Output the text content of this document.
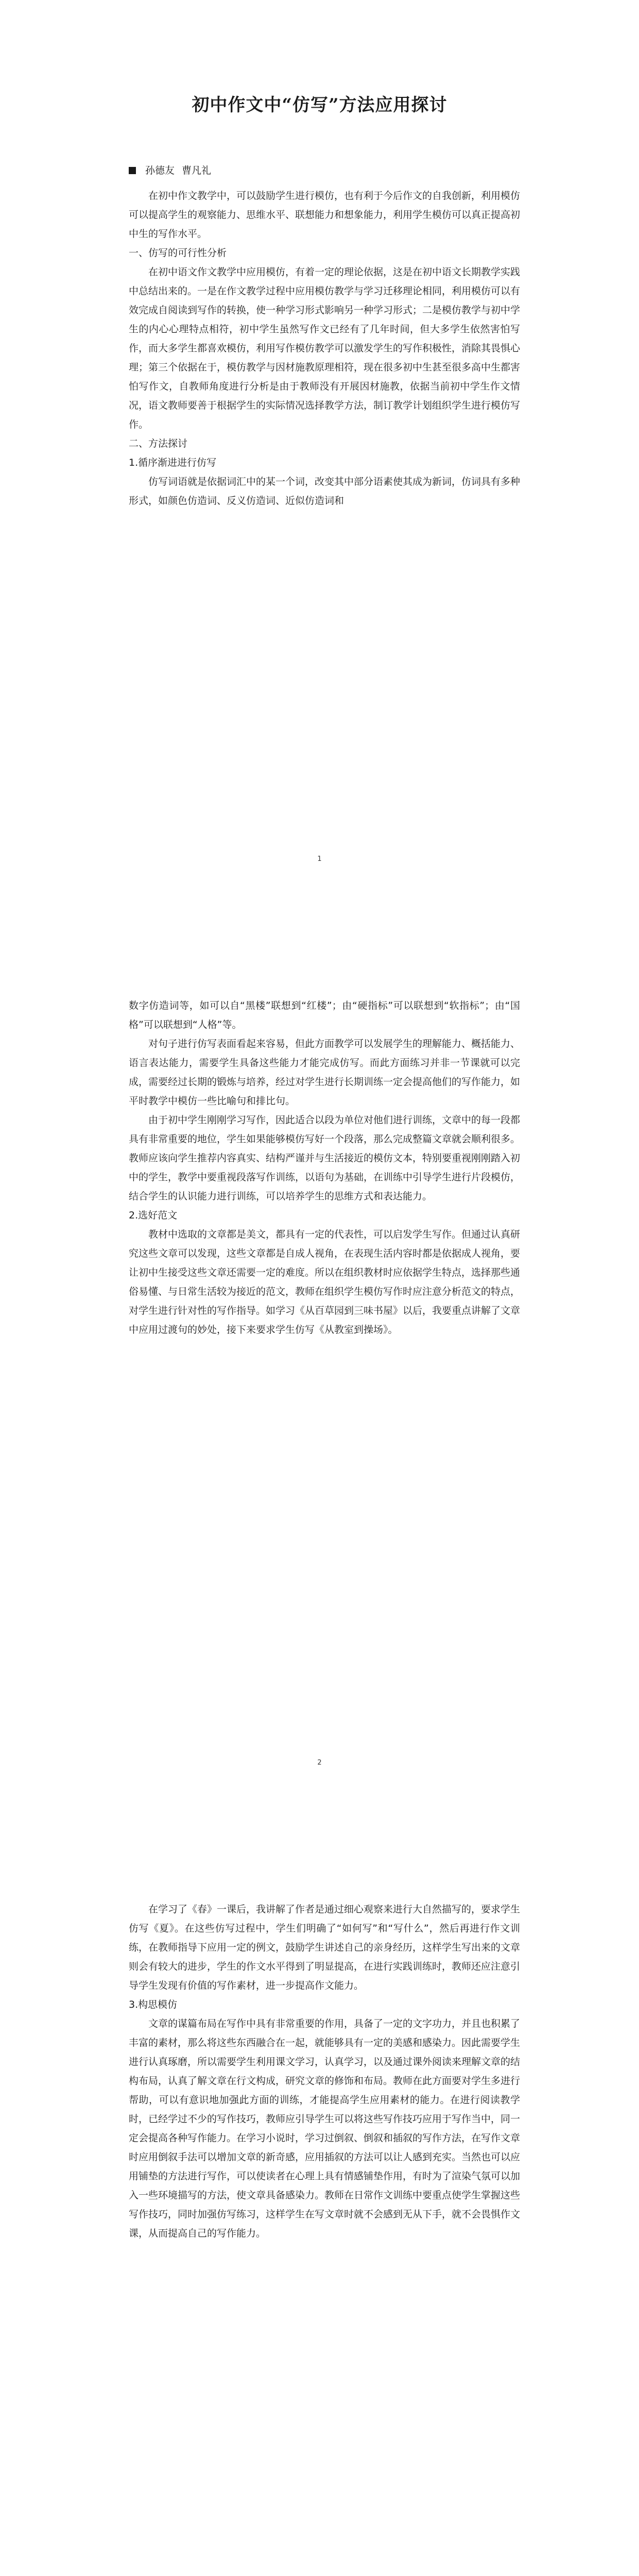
初中作文中“仿写”方法应用探讨

孙德友 曹凡礼

在初中作文教学中，可以鼓励学生进行模仿，也有利于今后作文的自我创新，利用模仿可以提高学生的观察能力、思维水平、联想能力和想象能力，利用学生模仿可以真正提高初中生的写作水平。

一、仿写的可行性分析

在初中语文作文教学中应用模仿，有着一定的理论依据，这是在初中语文长期教学实践中总结出来的。一是在作文教学过程中应用模仿教学与学习迁移理论相同，利用模仿可以有效完成自阅读到写作的转换，使一种学习形式影响另一种学习形式；二是模仿教学与初中学生的内心心理特点相符，初中学生虽然写作文已经有了几年时间，但大多学生依然害怕写作，而大多学生都喜欢模仿，利用写作模仿教学可以激发学生的写作积极性，消除其畏惧心理；第三个依据在于，模仿教学与因材施教原理相符，现在很多初中生甚至很多高中生都害怕写作文，自教师角度进行分析是由于教师没有开展因材施教，依据当前初中学生作文情况，语文教师要善于根据学生的实际情况选择教学方法，制订教学计划组织学生进行模仿写作。

二、方法探讨

1.循序渐进进行仿写

仿写词语就是依据词汇中的某一个词，改变其中部分语素使其成为新词，仿词具有多种形式，如颜色仿造词、反义仿造词、近似仿造词和

1

数字仿造词等，如可以自“黑楼”联想到“红楼”；由“硬指标”可以联想到“软指标”；由“国格”可以联想到“人格”等。

对句子进行仿写表面看起来容易，但此方面教学可以发展学生的理解能力、概括能力、语言表达能力，需要学生具备这些能力才能完成仿写。而此方面练习并非一节课就可以完成，需要经过长期的锻炼与培养，经过对学生进行长期训练一定会提高他们的写作能力，如平时教学中模仿一些比喻句和排比句。

由于初中学生刚刚学习写作，因此适合以段为单位对他们进行训练，文章中的每一段都具有非常重要的地位，学生如果能够模仿写好一个段落，那么完成整篇文章就会顺利很多。教师应该向学生推荐内容真实、结构严谨并与生活接近的模仿文本，特别要重视刚刚踏入初中的学生，教学中要重视段落写作训练，以语句为基础，在训练中引导学生进行片段模仿，结合学生的认识能力进行训练，可以培养学生的思维方式和表达能力。

2.选好范文

教材中选取的文章都是美文，都具有一定的代表性，可以启发学生写作。但通过认真研究这些文章可以发现，这些文章都是自成人视角，在表现生活内容时都是依据成人视角，要让初中生接受这些文章还需要一定的难度。所以在组织教材时应依据学生特点，选择那些通俗易懂、与日常生活较为接近的范文，教师在组织学生模仿写作时应注意分析范文的特点，对学生进行针对性的写作指导。如学习《从百草园到三味书屋》以后，我要重点讲解了文章中应用过渡句的妙处，接下来要求学生仿写《从教室到操场》。

2

在学习了《春》一课后，我讲解了作者是通过细心观察来进行大自然描写的，要求学生仿写《夏》。在这些仿写过程中，学生们明确了“如何写”和“写什么”，然后再进行作文训练，在教师指导下应用一定的例文，鼓励学生讲述自己的亲身经历，这样学生写出来的文章则会有较大的进步，学生的作文水平得到了明显提高，在进行实践训练时，教师还应注意引导学生发现有价值的写作素材，进一步提高作文能力。

3.构思模仿

文章的谋篇布局在写作中具有非常重要的作用，具备了一定的文字功力，并且也积累了丰富的素材，那么将这些东西融合在一起，就能够具有一定的美感和感染力。因此需要学生进行认真琢磨，所以需要学生利用课文学习，认真学习，以及通过课外阅读来理解文章的结构布局，认真了解文章在行文构成，研究文章的修饰和布局。教师在此方面要对学生多进行帮助，可以有意识地加强此方面的训练，才能提高学生应用素材的能力。在进行阅读教学时，已经学过不少的写作技巧，教师应引导学生可以将这些写作技巧应用于写作当中，同一定会提高各种写作能力。在学习小说时，学习过倒叙、倒叙和插叙的写作方法，在写作文章时应用倒叙手法可以增加文章的新奇感，应用插叙的方法可以让人感到充实。当然也可以应用铺垫的方法进行写作，可以使读者在心理上具有情感铺垫作用，有时为了渲染气氛可以加入一些环境描写的方法，使文章具备感染力。教师在日常作文训练中要重点使学生掌握这些写作技巧，同时加强仿写练习，这样学生在写文章时就不会感到无从下手，就不会畏惧作文课，从而提高自己的写作能力。
